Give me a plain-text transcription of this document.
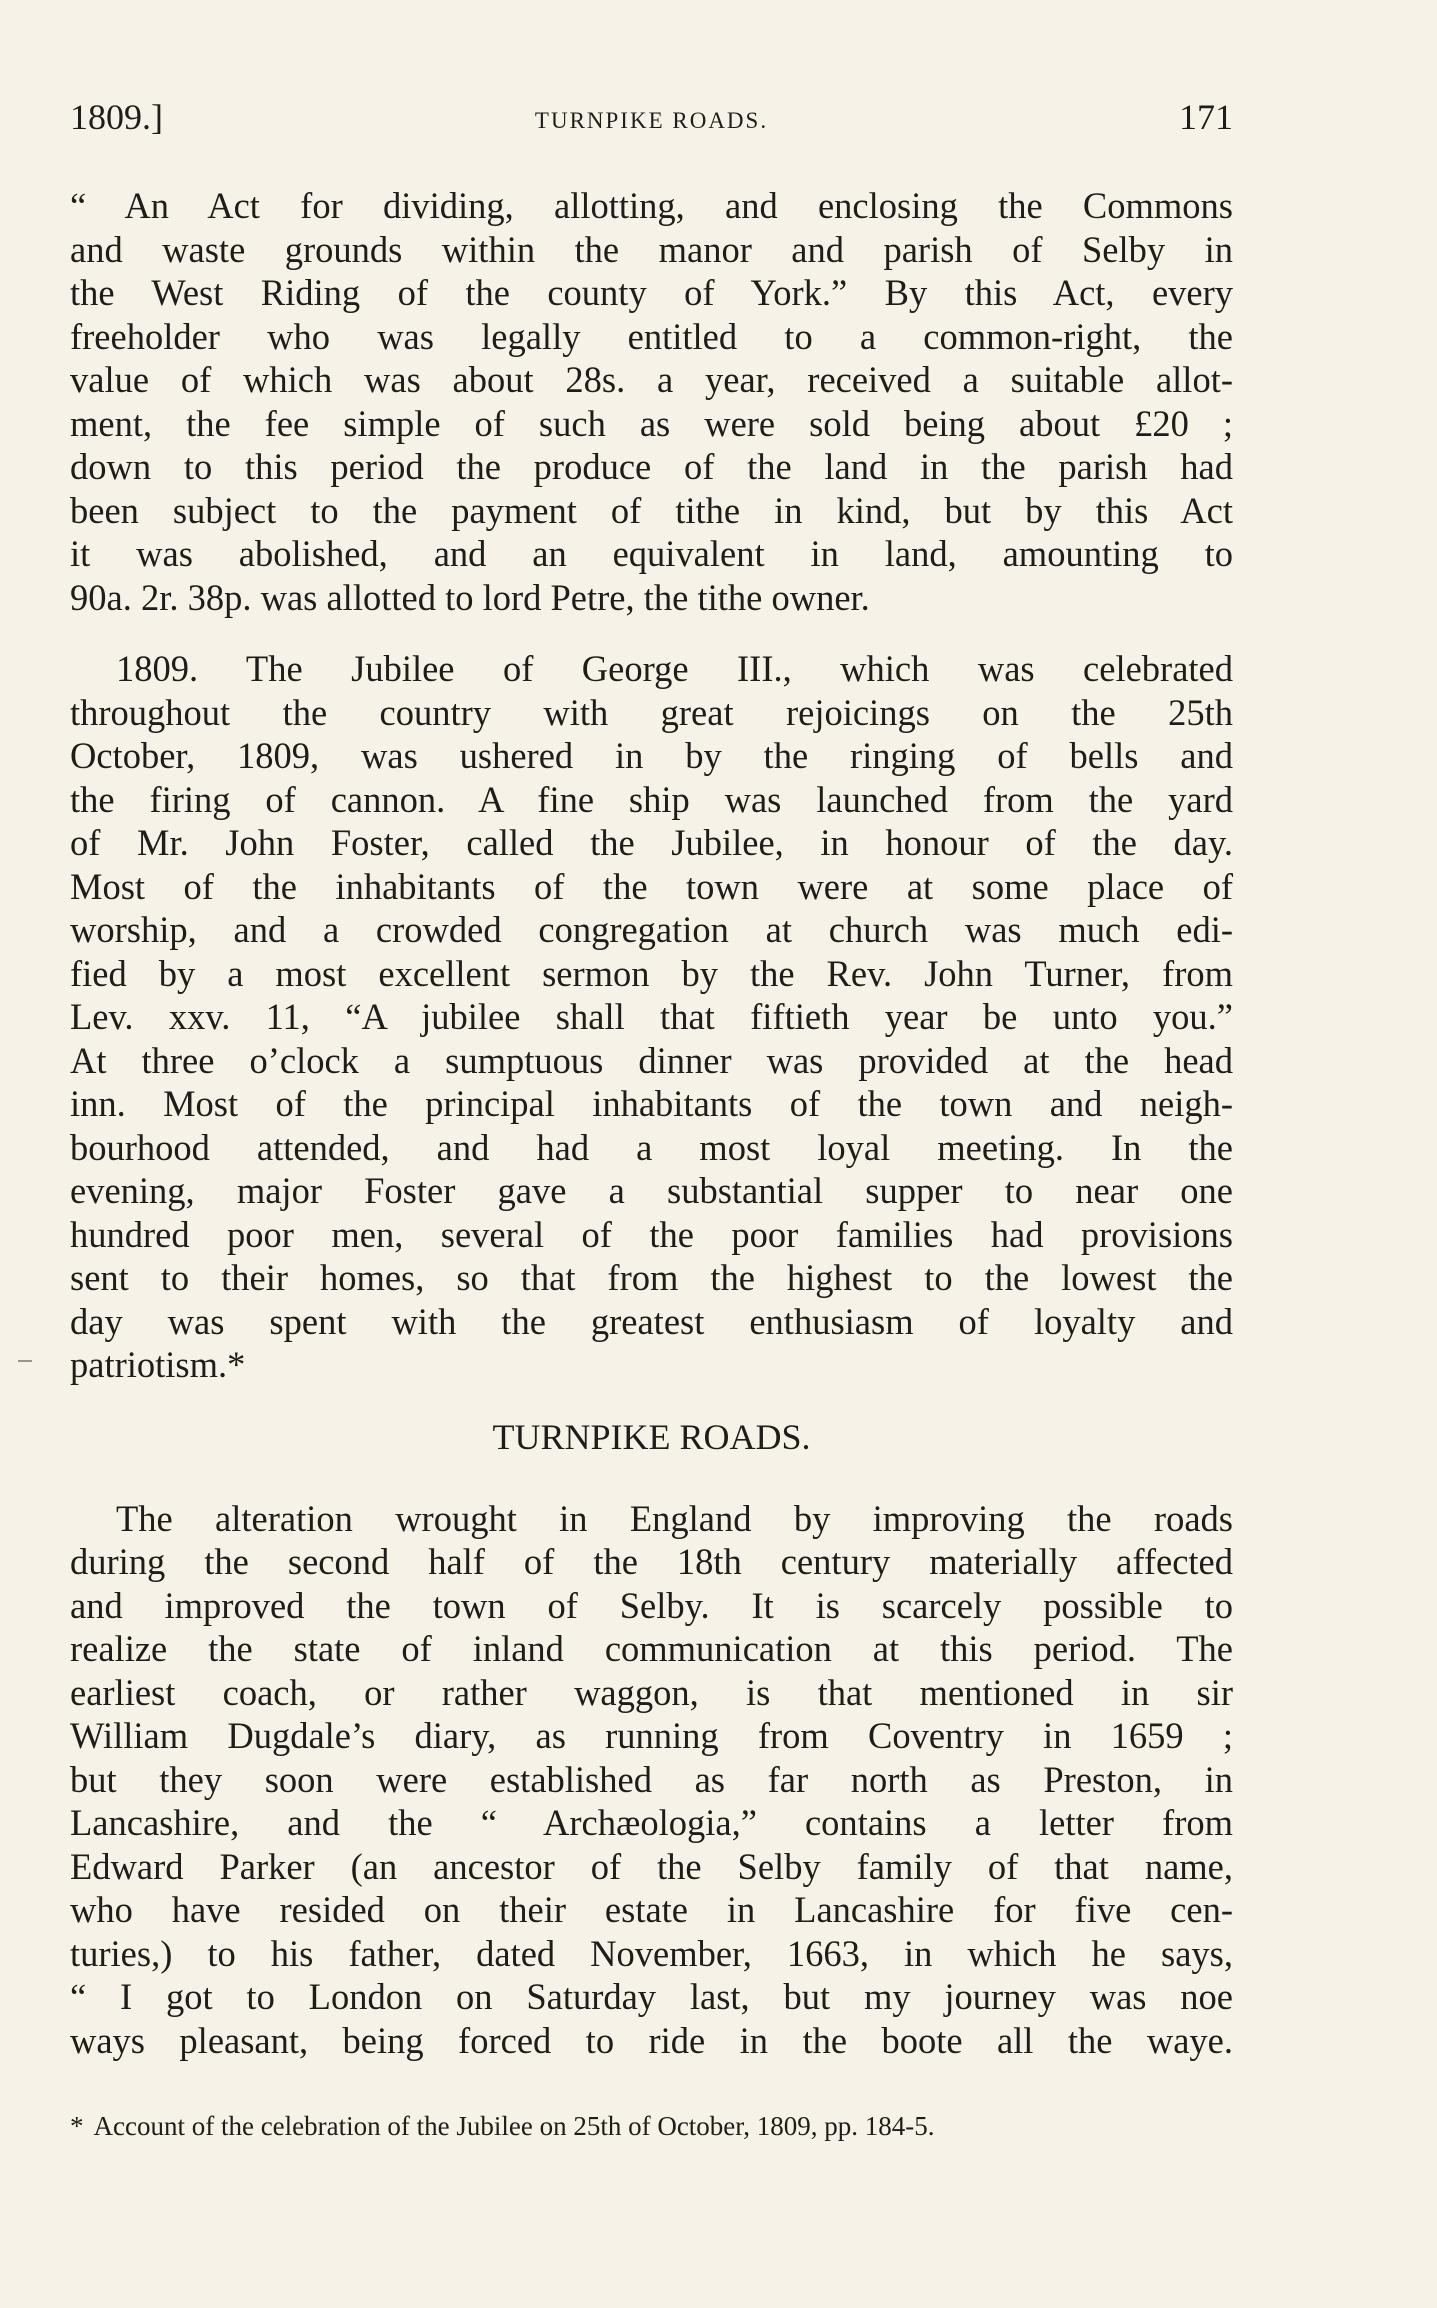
1809.]	TURNPIKE ROADS.	171
“ An Act for dividing, allotting, and enclosing the Commons
and waste grounds within the manor and parish of Selby in
the West Riding of the county of York.” By this Act, every
freeholder who was legally entitled to a common-right, the
value of which was about 28s. a year, received a suitable allot-
ment, the fee simple of such as were sold being about £20 ;
down to this period the produce of the land in the parish had
been subject to the payment of tithe in kind, but by this Act
it was abolished, and an equivalent in land, amounting to
90a. 2r. 38p. was allotted to lord Petre, the tithe owner.
1809. The Jubilee of George III., which was celebrated
throughout the country with great rejoicings on the 25th
October, 1809, was ushered in by the ringing of bells and
the firing of cannon. A fine ship was launched from the yard
of Mr. John Foster, called the Jubilee, in honour of the day.
Most of the inhabitants of the town were at some place of
worship, and a crowded congregation at church was much edi-
fied by a most excellent sermon by the Rev. John Turner, from
Lev. xxv. 11, “A jubilee shall that fiftieth year be unto you.”
At three o’clock a sumptuous dinner was provided at the head
inn. Most of the principal inhabitants of the town and neigh-
bourhood attended, and had a most loyal meeting. In the
evening, major Foster gave a substantial supper to near one
hundred poor men, several of the poor families had provisions
sent to their homes, so that from the highest to the lowest the
day was spent with the greatest enthusiasm of loyalty and
patriotism.*
TURNPIKE ROADS.
The alteration wrought in England by improving the roads
during the second half of the 18th century materially affected
and improved the town of Selby. It is scarcely possible to
realize the state of inland communication at this period. The
earliest coach, or rather waggon, is that mentioned in sir
William Dugdale’s diary, as running from Coventry in 1659 ;
but they soon were established as far north as Preston, in
Lancashire, and the “ Archæologia,” contains a letter from
Edward Parker (an ancestor of the Selby family of that name,
who have resided on their estate in Lancashire for five cen-
turies,) to his father, dated November, 1663, in which he says,
“ I got to London on Saturday last, but my journey was noe
ways pleasant, being forced to ride in the boote all the waye.
* Account of the celebration of the Jubilee on 25th of October, 1809, pp. 184-5.
